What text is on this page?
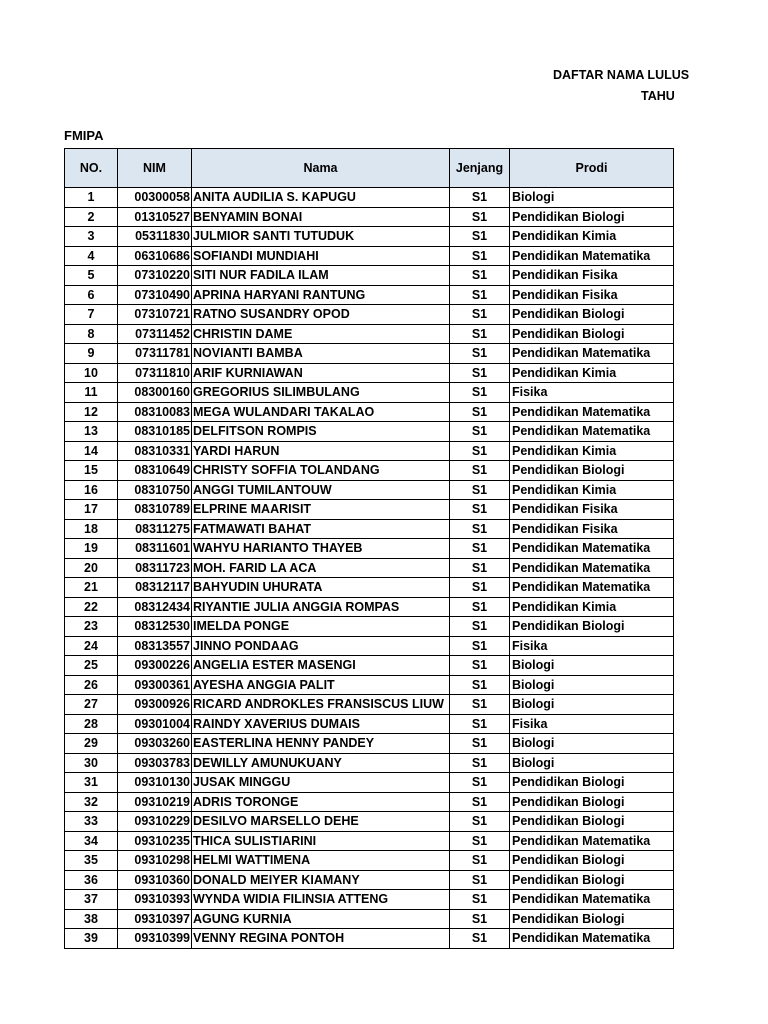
DAFTAR NAMA LULUS
TAHU
FMIPA
NO.	NIM	Nama	Jenjang	Prodi
1	00300058	ANITA AUDILIA S. KAPUGU	S1	Biologi
2	01310527	BENYAMIN BONAI	S1	Pendidikan Biologi
3	05311830	JULMIOR SANTI TUTUDUK	S1	Pendidikan Kimia
4	06310686	SOFIANDI MUNDIAHI	S1	Pendidikan Matematika
5	07310220	SITI NUR FADILA ILAM	S1	Pendidikan Fisika
6	07310490	APRINA HARYANI RANTUNG	S1	Pendidikan Fisika
7	07310721	RATNO SUSANDRY OPOD	S1	Pendidikan Biologi
8	07311452	CHRISTIN DAME	S1	Pendidikan Biologi
9	07311781	NOVIANTI BAMBA	S1	Pendidikan Matematika
10	07311810	ARIF KURNIAWAN	S1	Pendidikan Kimia
11	08300160	GREGORIUS SILIMBULANG	S1	Fisika
12	08310083	MEGA WULANDARI TAKALAO	S1	Pendidikan Matematika
13	08310185	DELFITSON ROMPIS	S1	Pendidikan Matematika
14	08310331	YARDI HARUN	S1	Pendidikan Kimia
15	08310649	CHRISTY SOFFIA TOLANDANG	S1	Pendidikan Biologi
16	08310750	ANGGI TUMILANTOUW	S1	Pendidikan Kimia
17	08310789	ELPRINE MAARISIT	S1	Pendidikan Fisika
18	08311275	FATMAWATI BAHAT	S1	Pendidikan Fisika
19	08311601	WAHYU HARIANTO THAYEB	S1	Pendidikan Matematika
20	08311723	MOH. FARID LA ACA	S1	Pendidikan Matematika
21	08312117	BAHYUDIN UHURATA	S1	Pendidikan Matematika
22	08312434	RIYANTIE JULIA ANGGIA ROMPAS	S1	Pendidikan Kimia
23	08312530	IMELDA PONGE	S1	Pendidikan Biologi
24	08313557	JINNO PONDAAG	S1	Fisika
25	09300226	ANGELIA ESTER MASENGI	S1	Biologi
26	09300361	AYESHA ANGGIA PALIT	S1	Biologi
27	09300926	RICARD ANDROKLES FRANSISCUS LIUW	S1	Biologi
28	09301004	RAINDY XAVERIUS DUMAIS	S1	Fisika
29	09303260	EASTERLINA HENNY PANDEY	S1	Biologi
30	09303783	DEWILLY AMUNUKUANY	S1	Biologi
31	09310130	JUSAK MINGGU	S1	Pendidikan Biologi
32	09310219	ADRIS TORONGE	S1	Pendidikan Biologi
33	09310229	DESILVO MARSELLO DEHE	S1	Pendidikan Biologi
34	09310235	THICA SULISTIARINI	S1	Pendidikan Matematika
35	09310298	HELMI WATTIMENA	S1	Pendidikan Biologi
36	09310360	DONALD MEIYER KIAMANY	S1	Pendidikan Biologi
37	09310393	WYNDA WIDIA FILINSIA ATTENG	S1	Pendidikan Matematika
38	09310397	AGUNG KURNIA	S1	Pendidikan Biologi
39	09310399	VENNY REGINA PONTOH	S1	Pendidikan Matematika
